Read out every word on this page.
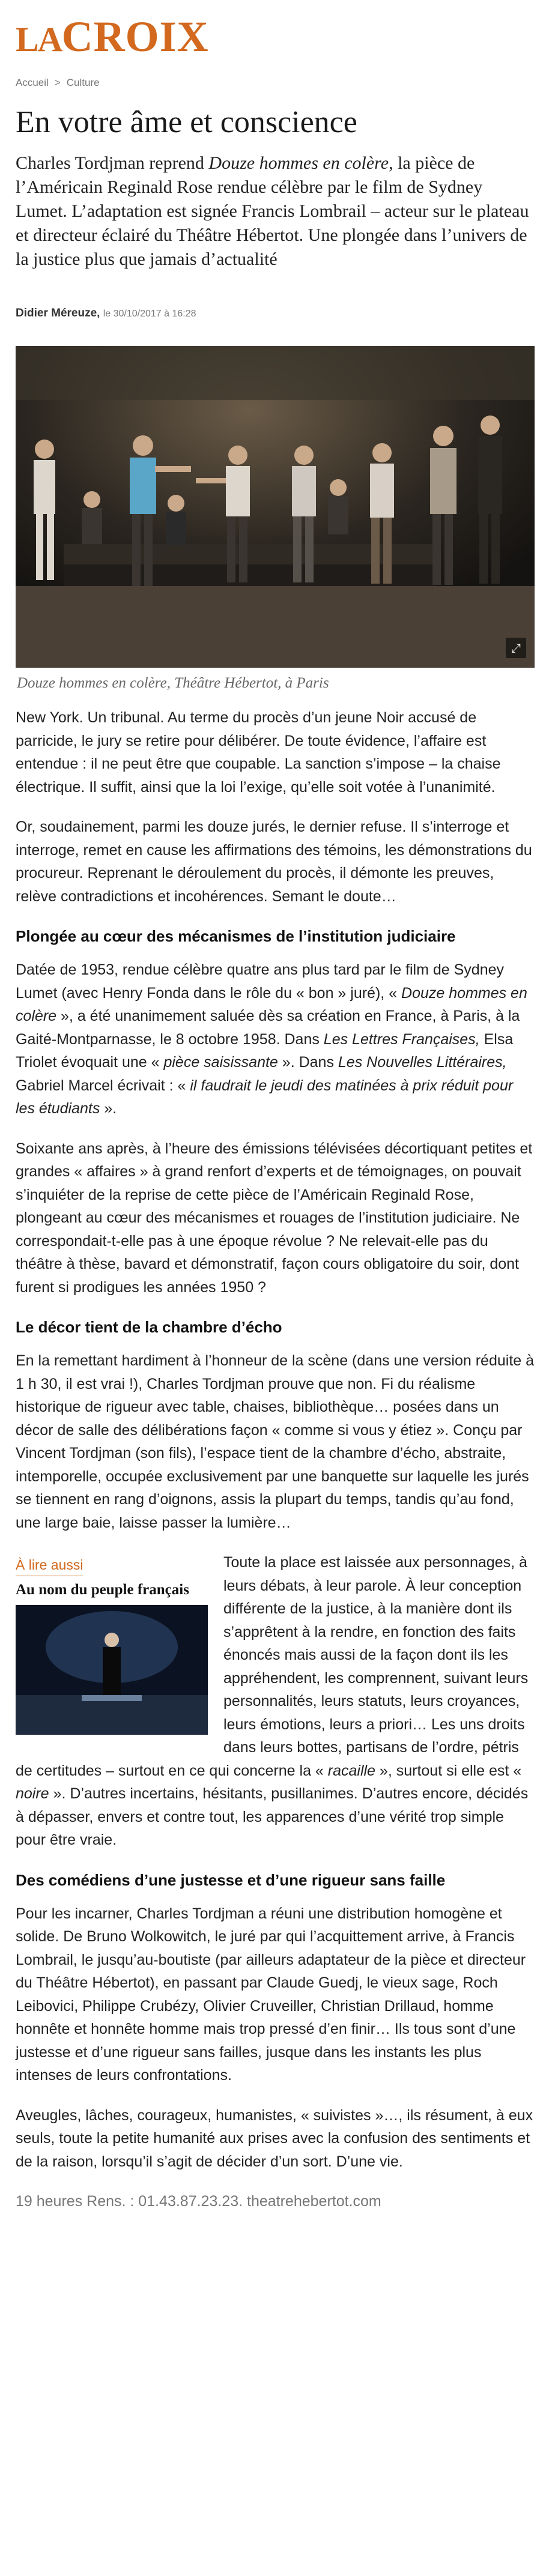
LACROIX
Accueil > Culture
En votre âme et conscience

Charles Tordjman reprend Douze hommes en colère, la pièce de l’Américain Reginald Rose rendue célèbre par le film de Sydney Lumet. L’adaptation est signée Francis Lombrail – acteur sur le plateau et directeur éclairé du Théâtre Hébertot. Une plongée dans l’univers de la justice plus que jamais d’actualité

Didier Méreuze, le 30/10/2017 à 16:28
⤢
Douze hommes en colère, Théâtre Hébertot, à Paris

New York. Un tribunal. Au terme du procès d’un jeune Noir accusé de parricide, le jury se retire pour délibérer. De toute évidence, l’affaire est entendue : il ne peut être que coupable. La sanction s’impose – la chaise électrique. Il suffit, ainsi que la loi l’exige, qu’elle soit votée à l’unanimité.

Or, soudainement, parmi les douze jurés, le dernier refuse. Il s’interroge et interroge, remet en cause les affirmations des témoins, les démonstrations du procureur. Reprenant le déroulement du procès, il démonte les preuves, relève contradictions et incohérences. Semant le doute…

Plongée au cœur des mécanismes de l’institution judiciaire

Datée de 1953, rendue célèbre quatre ans plus tard par le film de Sydney Lumet (avec Henry Fonda dans le rôle du « bon » juré), « Douze hommes en colère », a été unanimement saluée dès sa création en France, à Paris, à la Gaité-Montparnasse, le 8 octobre 1958. Dans Les Lettres Françaises, Elsa Triolet évoquait une « pièce saisissante ». Dans Les Nouvelles Littéraires, Gabriel Marcel écrivait : « il faudrait le jeudi des matinées à prix réduit pour les étudiants ».

Soixante ans après, à l’heure des émissions télévisées décortiquant petites et grandes « affaires » à grand renfort d’experts et de témoignages, on pouvait s’inquiéter de la reprise de cette pièce de l’Américain Reginald Rose, plongeant au cœur des mécanismes et rouages de l’institution judiciaire. Ne correspondait-t-elle pas à une époque révolue ? Ne relevait-elle pas du théâtre à thèse, bavard et démonstratif, façon cours obligatoire du soir, dont furent si prodigues les années 1950 ?

Le décor tient de la chambre d’écho

En la remettant hardiment à l’honneur de la scène (dans une version réduite à 1 h 30, il est vrai !), Charles Tordjman prouve que non. Fi du réalisme historique de rigueur avec table, chaises, bibliothèque… posées dans un décor de salle des délibérations façon « comme si vous y étiez ». Conçu par Vincent Tordjman (son fils), l’espace tient de la chambre d’écho, abstraite, intemporelle, occupée exclusivement par une banquette sur laquelle les jurés se tiennent en rang d’oignons, assis la plupart du temps, tandis qu’au fond, une large baie, laisse passer la lumière…

À lire aussi
Au nom du peuple français

Toute la place est laissée aux personnages, à leurs débats, à leur parole. À leur conception différente de la justice, à la manière dont ils s’apprêtent à la rendre, en fonction des faits énoncés mais aussi de la façon dont ils les appréhendent, les comprennent, suivant leurs personnalités, leurs statuts, leurs croyances, leurs émotions, leurs a priori… Les uns droits dans leurs bottes, partisans de l’ordre, pétris de certitudes – surtout en ce qui concerne la « racaille », surtout si elle est « noire ». D’autres incertains, hésitants, pusillanimes. D’autres encore, décidés à dépasser, envers et contre tout, les apparences d’une vérité trop simple pour être vraie.

Des comédiens d’une justesse et d’une rigueur sans faille

Pour les incarner, Charles Tordjman a réuni une distribution homogène et solide. De Bruno Wolkowitch, le juré par qui l’acquittement arrive, à Francis Lombrail, le jusqu’au-boutiste (par ailleurs adaptateur de la pièce et directeur du Théâtre Hébertot), en passant par Claude Guedj, le vieux sage, Roch Leibovici, Philippe Crubézy, Olivier Cruveiller, Christian Drillaud, homme honnête et honnête homme mais trop pressé d’en finir… Ils tous sont d’une justesse et d’une rigueur sans failles, jusque dans les instants les plus intenses de leurs confrontations.

Aveugles, lâches, courageux, humanistes, « suivistes »…, ils résument, à eux seuls, toute la petite humanité aux prises avec la confusion des sentiments et de la raison, lorsqu’il s’agit de décider d’un sort. D’une vie.

19 heures Rens. : 01.43.87.23.23. theatrehebertot.com
